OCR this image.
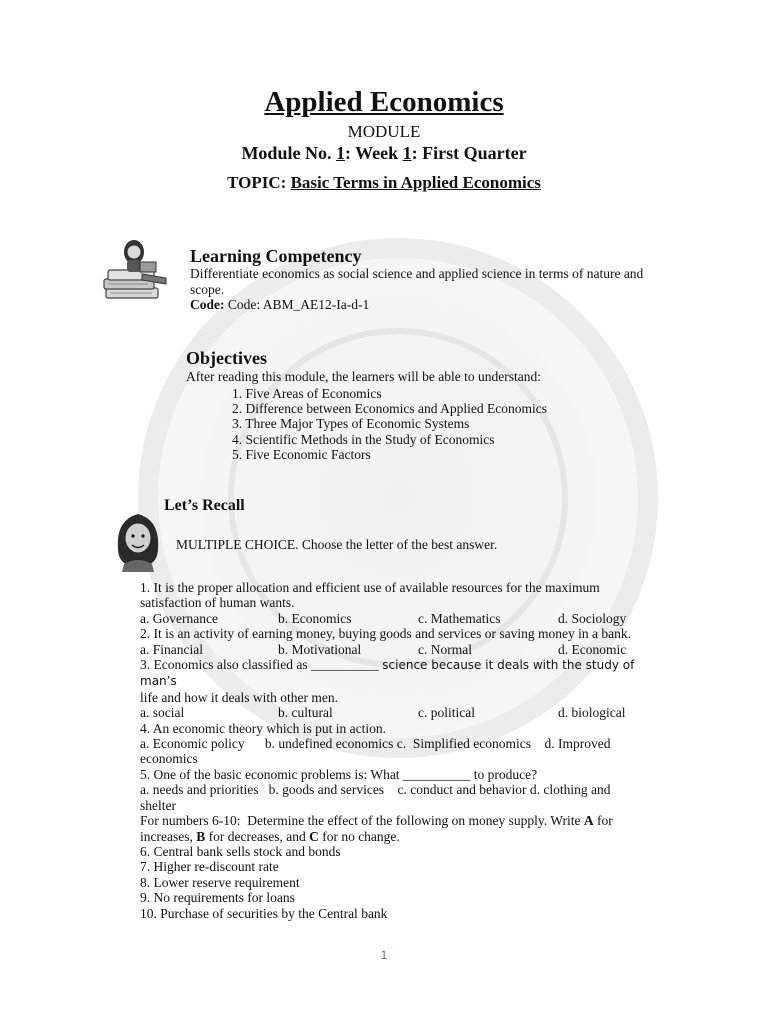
Applied Economics
MODULE
Module No. 1: Week 1: First Quarter
TOPIC: Basic Terms in Applied Economics
Learning Competency
Differentiate economics as social science and applied science in terms of nature and
scope.
Code: Code: ABM_AE12-Ia-d-1
Objectives
After reading this module, the learners will be able to understand:
1. Five Areas of Economics
2. Difference between Economics and Applied Economics
3. Three Major Types of Economic Systems
4. Scientific Methods in the Study of Economics
5. Five Economic Factors
Let’s Recall
MULTIPLE CHOICE. Choose the letter of the best answer.
1. It is the proper allocation and efficient use of available resources for the maximum
satisfaction of human wants.
a. Governance	b. Economics	c. Mathematics	d. Sociology
2. It is an activity of earning money, buying goods and services or saving money in a bank.
a. Financial	b. Motivational	c. Normal	d. Economic
3. Economics also classified as __________ science because it deals with the study of man’s
life and how it deals with other men.
a. social	b. cultural	c. political	d. biological
4. An economic theory which is put in action.
a. Economic policy      b. undefined economics c.  Simplified economics    d. Improved
economics
5. One of the basic economic problems is: What __________ to produce?
a. needs and priorities   b. goods and services    c. conduct and behavior d. clothing and
shelter
For numbers 6-10:  Determine the effect of the following on money supply. Write A for
increases, B for decreases, and C for no change.
6. Central bank sells stock and bonds
7. Higher re-discount rate
8. Lower reserve requirement
9. No requirements for loans
10. Purchase of securities by the Central bank
1
